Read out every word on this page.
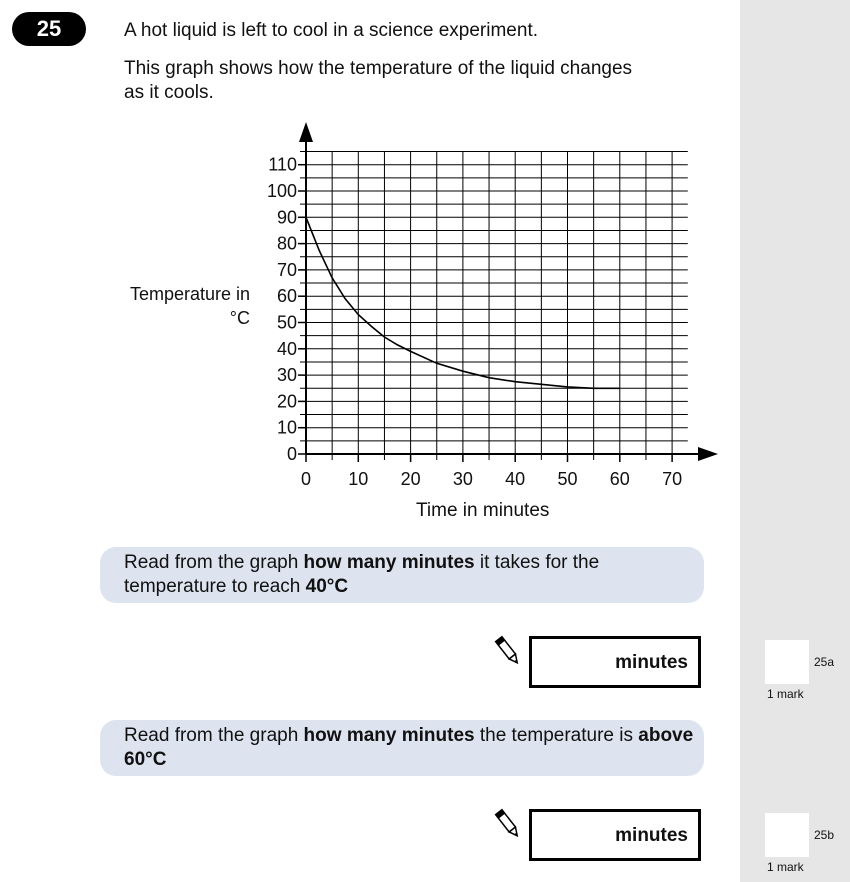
25	A hot liquid is left to cool in a science experiment.
This graph shows how the temperature of the liquid changes as it cools.
Temperature in °C
Time in minutes
0 10 20 30 40 50 60 70
0
10
20
30
40
50
60
70
80
90
100
110
Read from the graph how many minutes it takes for the temperature to reach 40°C
minutes	25a
1 mark
Read from the graph how many minutes the temperature is above 60°C
minutes	25b
1 mark
